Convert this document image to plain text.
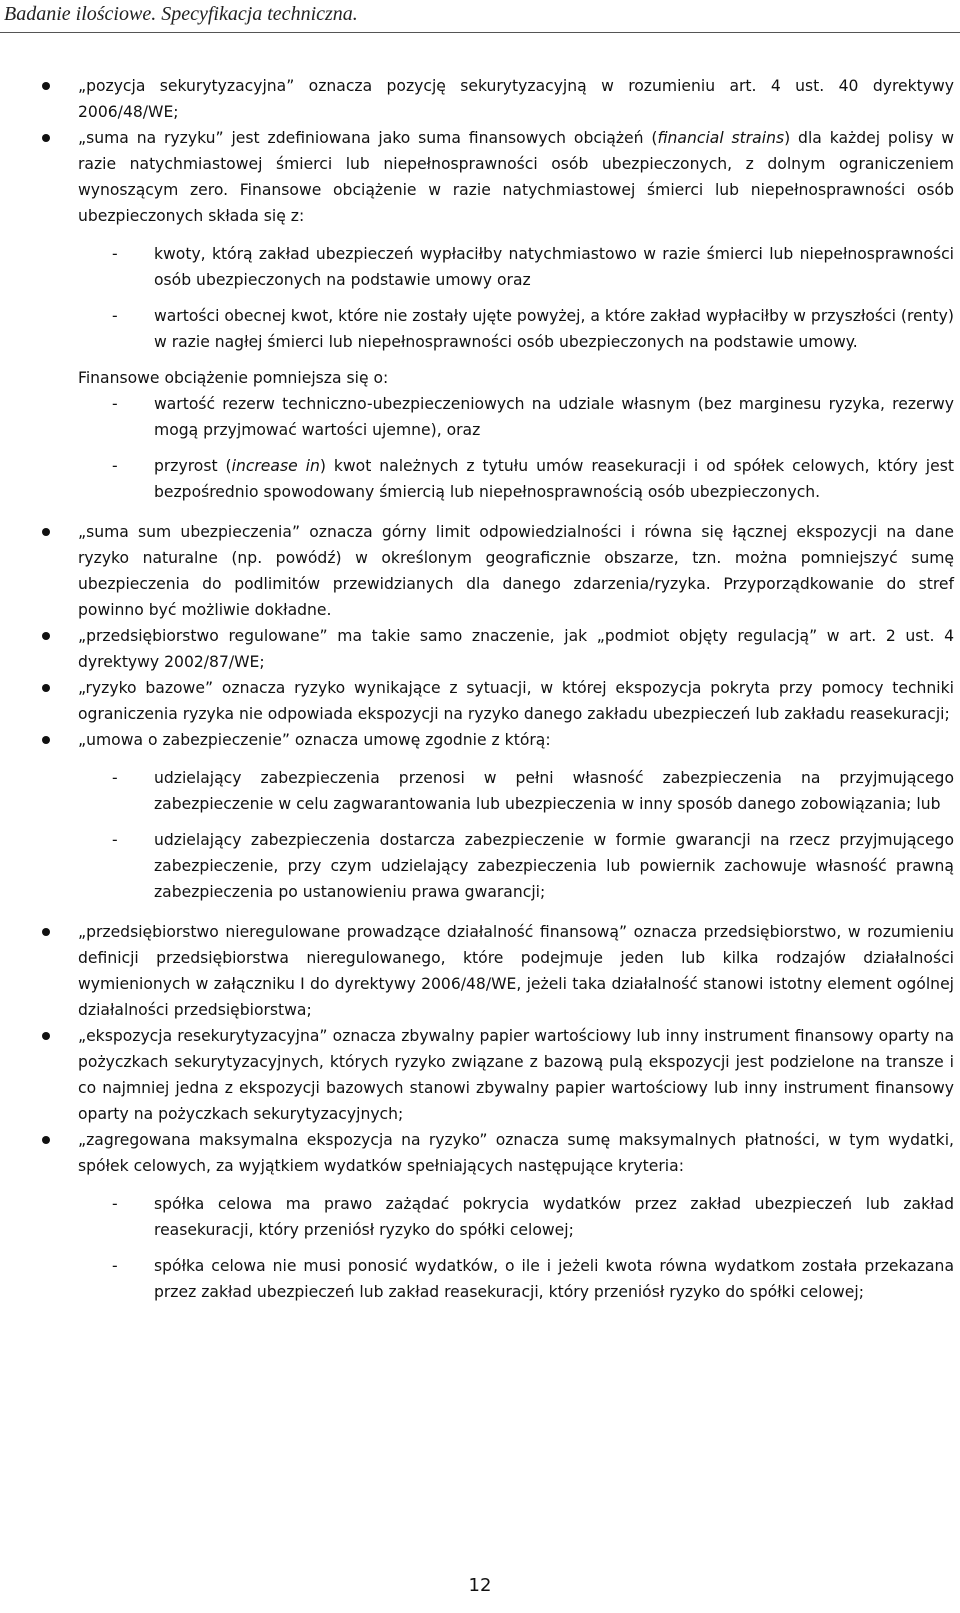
Badanie ilościowe. Specyfikacja techniczna.

„pozycja sekurytyzacyjna” oznacza pozycję sekurytyzacyjną w rozumieniu art. 4 ust. 40 dyrektywy 2006/48/WE;

„suma na ryzyku” jest zdefiniowana jako suma finansowych obciążeń (financial strains) dla każdej polisy w razie natychmiastowej śmierci lub niepełnosprawności osób ubezpieczonych, z dolnym ograniczeniem wynoszącym zero. Finansowe obciążenie w razie natychmiastowej śmierci lub niepełnosprawności osób ubezpieczonych składa się z:

- kwoty, którą zakład ubezpieczeń wypłaciłby natychmiastowo w razie śmierci lub niepełnosprawności osób ubezpieczonych na podstawie umowy oraz

- wartości obecnej kwot, które nie zostały ujęte powyżej, a które zakład wypłaciłby w przyszłości (renty) w razie nagłej śmierci lub niepełnosprawności osób ubezpieczonych na podstawie umowy.

Finansowe obciążenie pomniejsza się o:

- wartość rezerw techniczno-ubezpieczeniowych na udziale własnym (bez marginesu ryzyka, rezerwy mogą przyjmować wartości ujemne), oraz

- przyrost (increase in) kwot należnych z tytułu umów reasekuracji i od spółek celowych, który jest bezpośrednio spowodowany śmiercią lub niepełnosprawnością osób ubezpieczonych.

„suma sum ubezpieczenia” oznacza górny limit odpowiedzialności i równa się łącznej ekspozycji na dane ryzyko naturalne (np. powódź) w określonym geograficznie obszarze, tzn. można pomniejszyć sumę ubezpieczenia do podlimitów przewidzianych dla danego zdarzenia/ryzyka. Przyporządkowanie do stref powinno być możliwie dokładne.

„przedsiębiorstwo regulowane” ma takie samo znaczenie, jak „podmiot objęty regulacją” w art. 2 ust. 4 dyrektywy 2002/87/WE;

„ryzyko bazowe” oznacza ryzyko wynikające z sytuacji, w której ekspozycja pokryta przy pomocy techniki ograniczenia ryzyka nie odpowiada ekspozycji na ryzyko danego zakładu ubezpieczeń lub zakładu reasekuracji;

„umowa o zabezpieczenie” oznacza umowę zgodnie z którą:

- udzielający zabezpieczenia przenosi w pełni własność zabezpieczenia na przyjmującego zabezpieczenie w celu zagwarantowania lub ubezpieczenia w inny sposób danego zobowiązania; lub

- udzielający zabezpieczenia dostarcza zabezpieczenie w formie gwarancji na rzecz przyjmującego zabezpieczenie, przy czym udzielający zabezpieczenia lub powiernik zachowuje własność prawną zabezpieczenia po ustanowieniu prawa gwarancji;

„przedsiębiorstwo nieregulowane prowadzące działalność finansową” oznacza przedsiębiorstwo, w rozumieniu definicji przedsiębiorstwa nieregulowanego, które podejmuje jeden lub kilka rodzajów działalności wymienionych w załączniku I do dyrektywy 2006/48/WE, jeżeli taka działalność stanowi istotny element ogólnej działalności przedsiębiorstwa;

„ekspozycja resekurytyzacyjna” oznacza zbywalny papier wartościowy lub inny instrument finansowy oparty na pożyczkach sekurytyzacyjnych, których ryzyko związane z bazową pulą ekspozycji jest podzielone na transze i co najmniej jedna z ekspozycji bazowych stanowi zbywalny papier wartościowy lub inny instrument finansowy oparty na pożyczkach sekurytyzacyjnych;

„zagregowana maksymalna ekspozycja na ryzyko” oznacza sumę maksymalnych płatności, w tym wydatki, spółek celowych, za wyjątkiem wydatków spełniających następujące kryteria:

- spółka celowa ma prawo zażądać pokrycia wydatków przez zakład ubezpieczeń lub zakład reasekuracji, który przeniósł ryzyko do spółki celowej;

- spółka celowa nie musi ponosić wydatków, o ile i jeżeli kwota równa wydatkom została przekazana przez zakład ubezpieczeń lub zakład reasekuracji, który przeniósł ryzyko do spółki celowej;

12
